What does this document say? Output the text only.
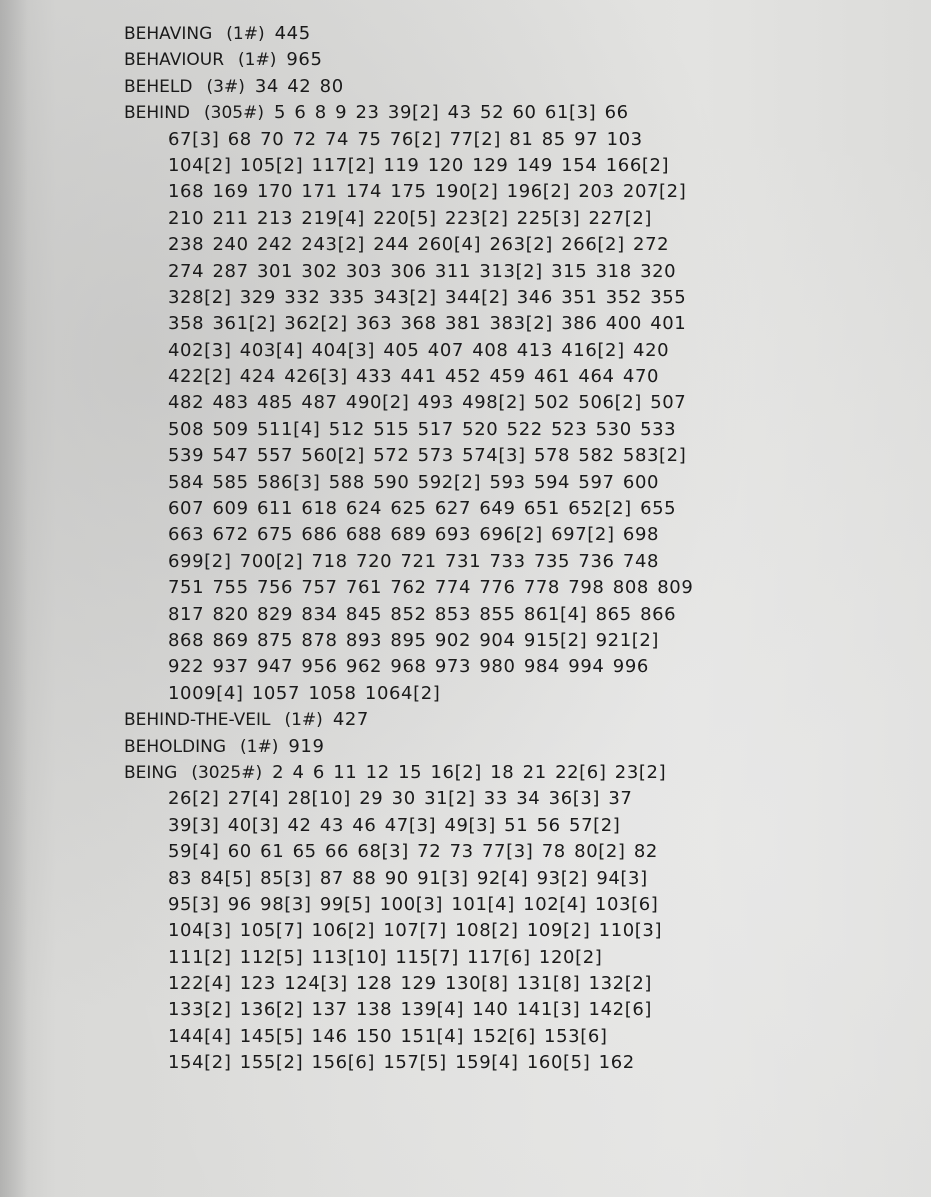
BEHAVING (1#) 445
BEHAVIOUR (1#) 965
BEHELD (3#) 34 42 80
BEHIND (305#) 5 6 8 9 23 39[2] 43 52 60 61[3] 66
67[3] 68 70 72 74 75 76[2] 77[2] 81 85 97 103
104[2] 105[2] 117[2] 119 120 129 149 154 166[2]
168 169 170 171 174 175 190[2] 196[2] 203 207[2]
210 211 213 219[4] 220[5] 223[2] 225[3] 227[2]
238 240 242 243[2] 244 260[4] 263[2] 266[2] 272
274 287 301 302 303 306 311 313[2] 315 318 320
328[2] 329 332 335 343[2] 344[2] 346 351 352 355
358 361[2] 362[2] 363 368 381 383[2] 386 400 401
402[3] 403[4] 404[3] 405 407 408 413 416[2] 420
422[2] 424 426[3] 433 441 452 459 461 464 470
482 483 485 487 490[2] 493 498[2] 502 506[2] 507
508 509 511[4] 512 515 517 520 522 523 530 533
539 547 557 560[2] 572 573 574[3] 578 582 583[2]
584 585 586[3] 588 590 592[2] 593 594 597 600
607 609 611 618 624 625 627 649 651 652[2] 655
663 672 675 686 688 689 693 696[2] 697[2] 698
699[2] 700[2] 718 720 721 731 733 735 736 748
751 755 756 757 761 762 774 776 778 798 808 809
817 820 829 834 845 852 853 855 861[4] 865 866
868 869 875 878 893 895 902 904 915[2] 921[2]
922 937 947 956 962 968 973 980 984 994 996
1009[4] 1057 1058 1064[2]
BEHIND-THE-VEIL (1#) 427
BEHOLDING (1#) 919
BEING (3025#) 2 4 6 11 12 15 16[2] 18 21 22[6] 23[2]
26[2] 27[4] 28[10] 29 30 31[2] 33 34 36[3] 37
39[3] 40[3] 42 43 46 47[3] 49[3] 51 56 57[2]
59[4] 60 61 65 66 68[3] 72 73 77[3] 78 80[2] 82
83 84[5] 85[3] 87 88 90 91[3] 92[4] 93[2] 94[3]
95[3] 96 98[3] 99[5] 100[3] 101[4] 102[4] 103[6]
104[3] 105[7] 106[2] 107[7] 108[2] 109[2] 110[3]
111[2] 112[5] 113[10] 115[7] 117[6] 120[2]
122[4] 123 124[3] 128 129 130[8] 131[8] 132[2]
133[2] 136[2] 137 138 139[4] 140 141[3] 142[6]
144[4] 145[5] 146 150 151[4] 152[6] 153[6]
154[2] 155[2] 156[6] 157[5] 159[4] 160[5] 162
